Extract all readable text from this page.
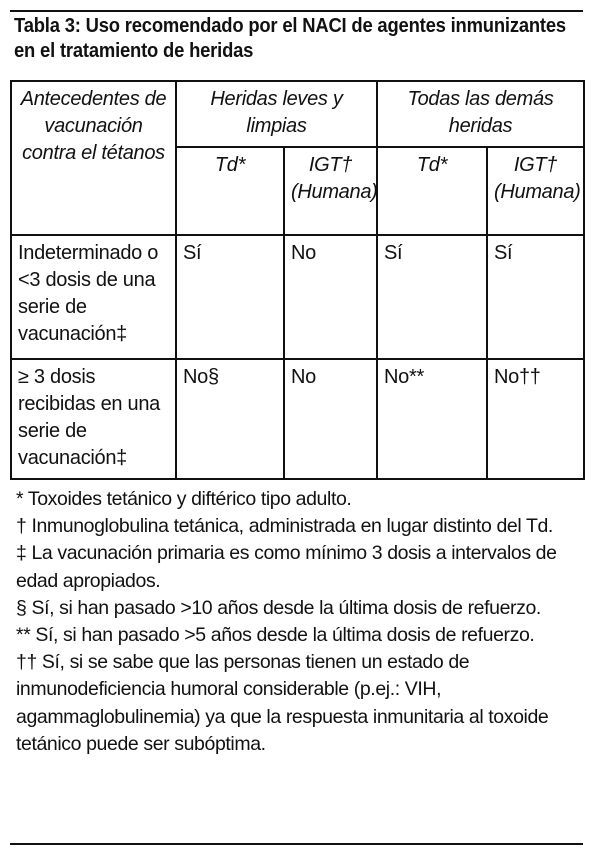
Tabla 3: Uso recomendado por el NACI de agentes inmunizantes en el tratamiento de heridas
Antecedentes de vacunación contra el tétanos	Heridas leves y limpias		Todas las demás heridas	
	Td*	IGT† (Humana)	Td*	IGT† (Humana)
Indeterminado o <3 dosis de una serie de vacunación‡	Sí	No	Sí	Sí
≥ 3 dosis recibidas en una serie de vacunación‡	No§	No	No**	No††

* Toxoides tetánico y diftérico tipo adulto.

† Inmunoglobulina tetánica, administrada en lugar distinto del Td.

‡ La vacunación primaria es como mínimo 3 dosis a intervalos de edad apropiados.

§ Sí, si han pasado >10 años desde la última dosis de refuerzo.

** Sí, si han pasado >5 años desde la última dosis de refuerzo.

†† Sí, si se sabe que las personas tienen un estado de inmunodeficiencia humoral considerable (p.ej.: VIH, agammaglobulinemia) ya que la respuesta inmunitaria al toxoide tetánico puede ser subóptima.
